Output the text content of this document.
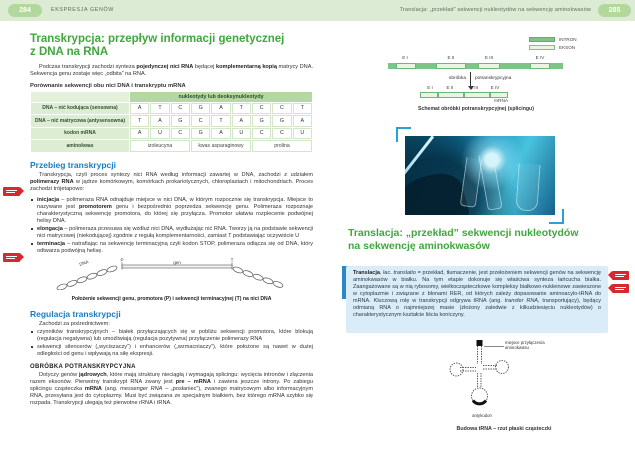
284	EKSPRESJA GENÓW	Translacja: „przekład” sekwencji nukleotydów na sekwencję aminokwasów	285
Transkrypcja: przepływ informacji genetycznej
z DNA na RNA

Podczas transkrypcji zachodzi synteza pojedynczej nici RNA będącej komplementarną kopią matrycy DNA. Sekwencja genu zostaje więc „odbita” na RNA.

Porównanie sekwencji obu nici DNA i transkryptu mRNA
	nukleotydy lub deoksynukleotydy								
DNA – nić kodująca (sensowna)	A	T	C	G	A	T	C	C	T
DNA – nić matrycowa (antysensowna)	T	A	G	C	T	A	G	G	A
kodon mRNA	A	U	C	G	A	U	C	C	U
aminokwas	izoleucyna			kwas asparaginowy			prolina		
Przebieg transkrypcji

Transkrypcja, czyli proces syntezy nici RNA według informacji zawartej w DNA, zachodzi z udziałem polimerazy RNA w jądrze komórkowym, komórkach prokariotycznych, chloroplastach i mitochondriach. Proces zachodzi trójetapowo:

inicjacja – polimeraza RNA odnajduje miejsce w nici DNA, w którym rozpocznie się transkrypcja. Miejsce to nazywane jest promotorem genu i bezpośrednio poprzedza sekwencję genu. Polimeraza rozpoznaje charakterystyczną sekwencję promotora, do której się przyłącza. Promotor ułatwia rozplecenie podwójnej helisy DNA.
elongacja – polimeraza przesuwa się wzdłuż nici DNA, wydłużając nić RNA. Tworzy ją na podstawie sekwencji nici matrycowej (niekodującej) zgodnie z regułą komplementarności, zamiast T podstawiając oczywiście U
terminacja – natrafiając na sekwencję terminacyjną czyli kodon STOP, polimeraza odłącza się od DNA, który odtwarza podwójną helisę.
DNA	P	gen	T
Położenie sekwencji genu, promotora (P) i sekwencji terminacyjnej (T) na nici DNA
Regulacja transkrypcji

Zachodzi za pośrednictwem:

czynników transkrypcyjnych – białek przyłączających się w pobliżu sekwencji promotora, które blokują (regulacja negatywna) lub umożliwiają (regulacja pozytywna) przyłączenie polimerazy RNA
sekwencji silencerów („wyciszaczy”) i enhancerów („wzmacniaczy”), które położone są nawet w dużej odległości od genu i wpływają na siłę ekspresji.
OBRÓBKA POTRANSKRYPCYJNA

Dotyczy genów jądrowych, które mają strukturę nieciągłą i wymagają splicingu: wycięcia intronów i złączenia razem eksonów. Pierwotny transkrypt RNA zwany jest pre – mRNA i zawiera jeszcze introny. Po zabiegu splicingu cząsteczka mRNA (ang. messenger RNA – „posłaniec”), zwanego matrycowym albo informacyjnym RNA, przesyłana jest do cytoplazmy. Musi być związana ze specjalnym białkiem, bez którego mRNA szybko się rozpada. Transkrypcji ulegają też pierwotne rRNA i tRNA.

INTRON
EKSON
E I	E II	E III	E IV
obróbka potranskrypcyjna
E I	E II	E III	E IV
mRNA
Schemat obróbki potranskrypcyjnej (splicingu)
Translacja: „przekład” sekwencji nukleotydów
na sekwencję aminokwasów
Translacja, łac. translatio = przekład, tłumaczenie, jest przełożeniem sekwencji genów na sekwencję aminokwasów w białku. Na tym etapie dokonuje się właściwa synteza łańcucha białka. Zaangażowane są w nią rybosomy, wielkocząsteczkowe kompleksy białkowo-nukleinowe zawieszone w cytoplazmie i związane z błonami RER, od których zależy dopasowanie aminoacylo-tRNA do mRNA. Kluczową rolę w transkrypcji odgrywa tRNA (ang. transfer RNA, transportujący), będący odmianą RNA o najmniejszej masie (złożony zaledwie z kilkudziesięciu nukleotydów) o charakterystycznym kształcie liścia koniczyny.
miejsce przyłączenia aminokwasu
antykodon
Budowa tRNA – rzut płaski cząsteczki
